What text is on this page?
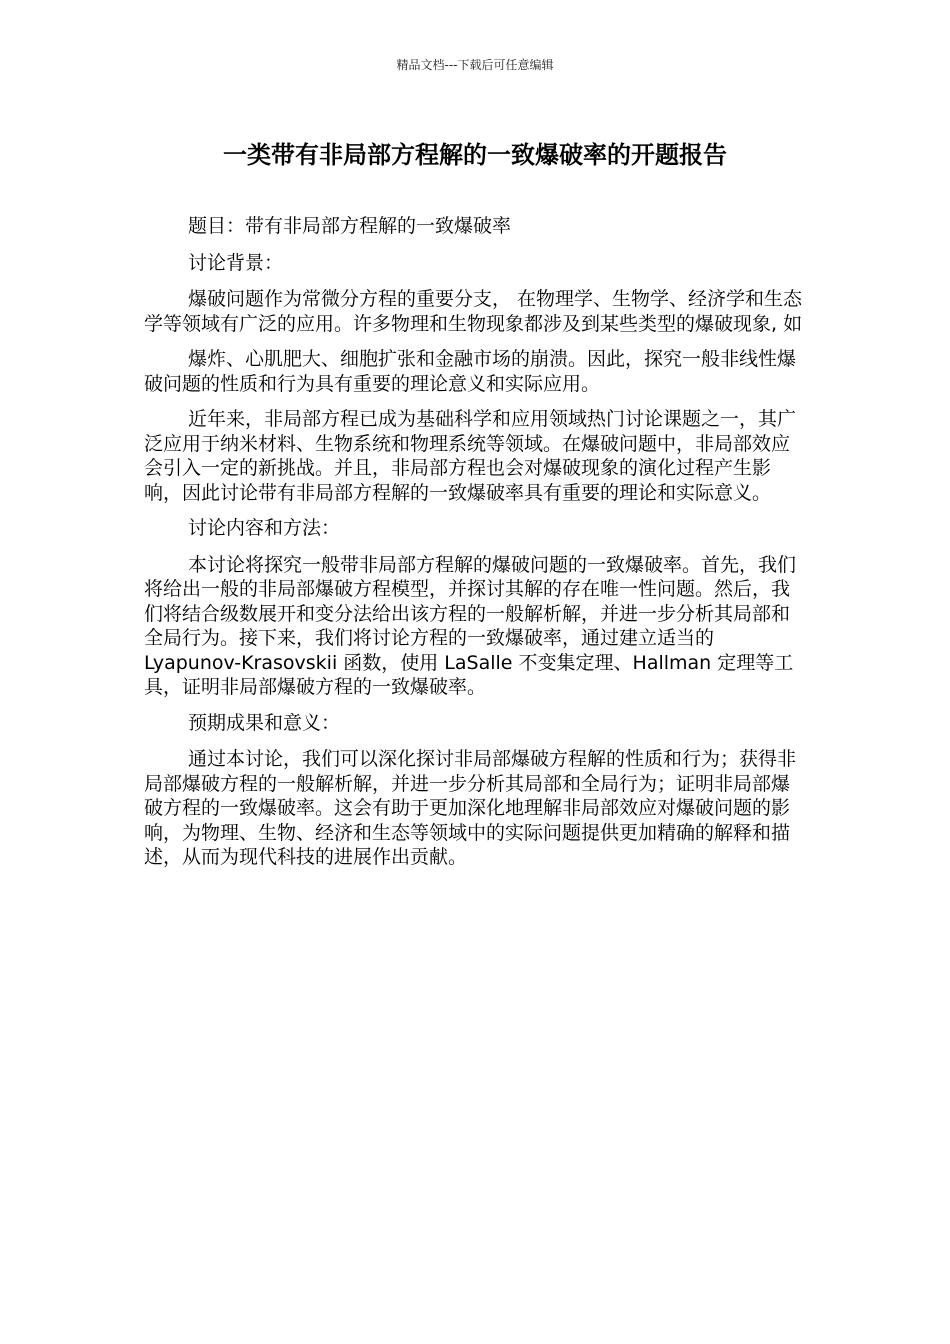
精品文档---下载后可任意编辑
一类带有非局部方程解的一致爆破率的开题报告

题目：带有非局部方程解的一致爆破率

讨论背景：

爆破问题作为常微分方程的重要分支， 在物理学、生物学、经济学和生态学等领域有广泛的应用。许多物理和生物现象都涉及到某些类型的爆破现象, 如

爆炸、心肌肥大、细胞扩张和金融市场的崩溃。因此，探究一般非线性爆破问题的性质和行为具有重要的理论意义和实际应用。

近年来，非局部方程已成为基础科学和应用领域热门讨论课题之一，其广泛应用于纳米材料、生物系统和物理系统等领域。在爆破问题中，非局部效应会引入一定的新挑战。并且，非局部方程也会对爆破现象的演化过程产生影响，因此讨论带有非局部方程解的一致爆破率具有重要的理论和实际意义。

讨论内容和方法：

本讨论将探究一般带非局部方程解的爆破问题的一致爆破率。首先，我们将给出一般的非局部爆破方程模型，并探讨其解的存在唯一性问题。然后，我们将结合级数展开和变分法给出该方程的一般解析解，并进一步分析其局部和全局行为。接下来，我们将讨论方程的一致爆破率，通过建立适当的 Lyapunov-Krasovskii 函数，使用 LaSalle 不变集定理、Hallman 定理等工具，证明非局部爆破方程的一致爆破率。

预期成果和意义：

通过本讨论，我们可以深化探讨非局部爆破方程解的性质和行为；获得非局部爆破方程的一般解析解，并进一步分析其局部和全局行为；证明非局部爆破方程的一致爆破率。这会有助于更加深化地理解非局部效应对爆破问题的影响，为物理、生物、经济和生态等领域中的实际问题提供更加精确的解释和描述，从而为现代科技的进展作出贡献。
